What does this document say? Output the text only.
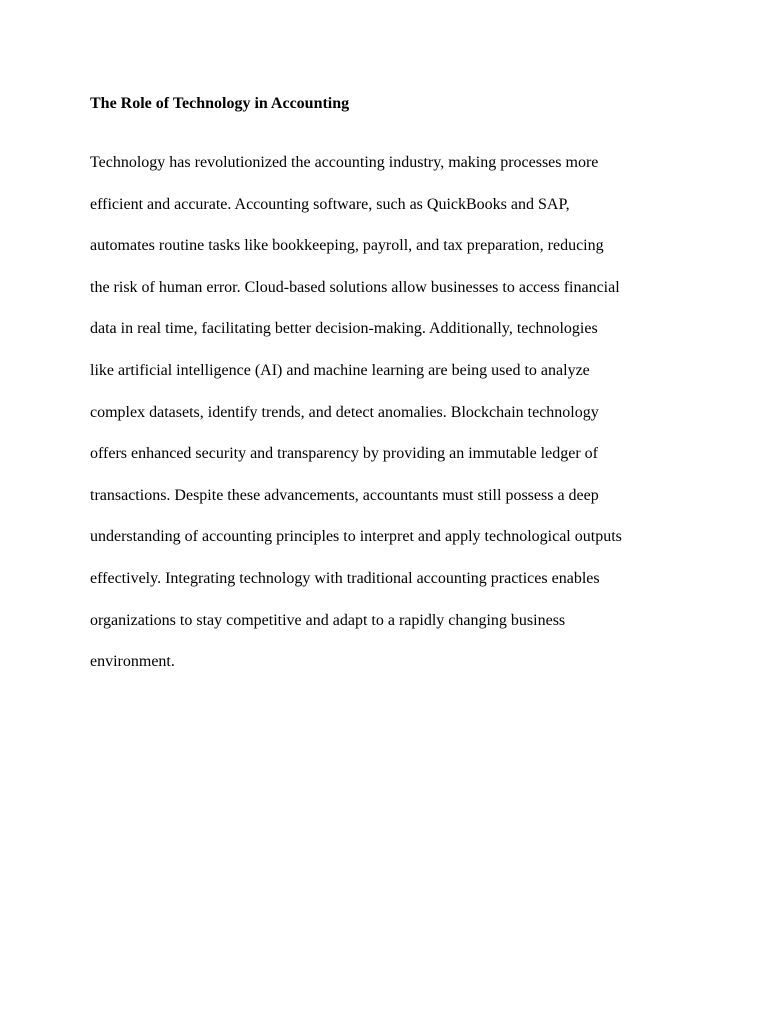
The Role of Technology in Accounting
Technology has revolutionized the accounting industry, making processes more
efficient and accurate. Accounting software, such as QuickBooks and SAP,
automates routine tasks like bookkeeping, payroll, and tax preparation, reducing
the risk of human error. Cloud-based solutions allow businesses to access financial
data in real time, facilitating better decision-making. Additionally, technologies
like artificial intelligence (AI) and machine learning are being used to analyze
complex datasets, identify trends, and detect anomalies. Blockchain technology
offers enhanced security and transparency by providing an immutable ledger of
transactions. Despite these advancements, accountants must still possess a deep
understanding of accounting principles to interpret and apply technological outputs
effectively. Integrating technology with traditional accounting practices enables
organizations to stay competitive and adapt to a rapidly changing business
environment.
